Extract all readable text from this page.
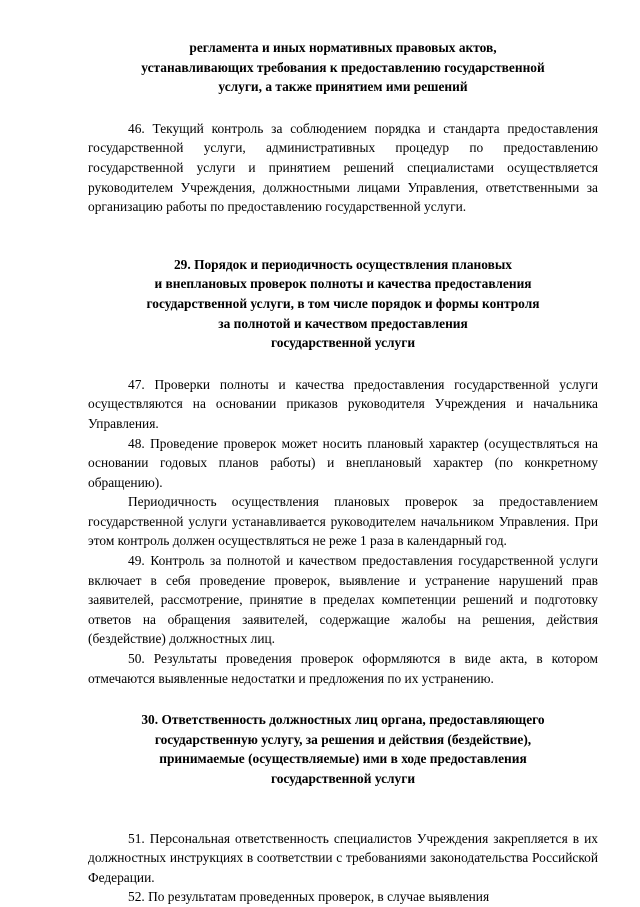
регламента и иных нормативных правовых актов,
устанавливающих требования к предоставлению государственной
услуги, а также принятием ими решений

46. Текущий контроль за соблюдением порядка и стандарта предоставления государственной услуги, административных процедур по предоставлению государственной услуги и принятием решений специалистами осуществляется руководителем Учреждения, должностными лицами Управления, ответственными за организацию работы по предоставлению государственной услуги.

29. Порядок и периодичность осуществления плановых
и внеплановых проверок полноты и качества предоставления
государственной услуги, в том числе порядок и формы контроля
за полнотой и качеством предоставления
государственной услуги

47. Проверки полноты и качества предоставления государственной услуги осуществляются на основании приказов руководителя Учреждения и начальника Управления.

48. Проведение проверок может носить плановый характер (осуществляться на основании годовых планов работы) и внеплановый характер (по конкретному обращению).

Периодичность осуществления плановых проверок за предоставлением государственной услуги устанавливается руководителем начальником Управления. При этом контроль должен осуществляться не реже 1 раза в календарный год.

49. Контроль за полнотой и качеством предоставления государственной услуги включает в себя проведение проверок, выявление и устранение нарушений прав заявителей, рассмотрение, принятие в пределах компетенции решений и подготовку ответов на обращения заявителей, содержащие жалобы на решения, действия (бездействие) должностных лиц.

50. Результаты проведения проверок оформляются в виде акта, в котором отмечаются выявленные недостатки и предложения по их устранению.

30. Ответственность должностных лиц органа, предоставляющего
государственную услугу, за решения и действия (бездействие),
принимаемые (осуществляемые) ими в ходе предоставления
государственной услуги

51. Персональная ответственность специалистов Учреждения закрепляется в их должностных инструкциях в соответствии с требованиями законодательства Российской Федерации.

52. По результатам проведенных проверок, в случае выявления
